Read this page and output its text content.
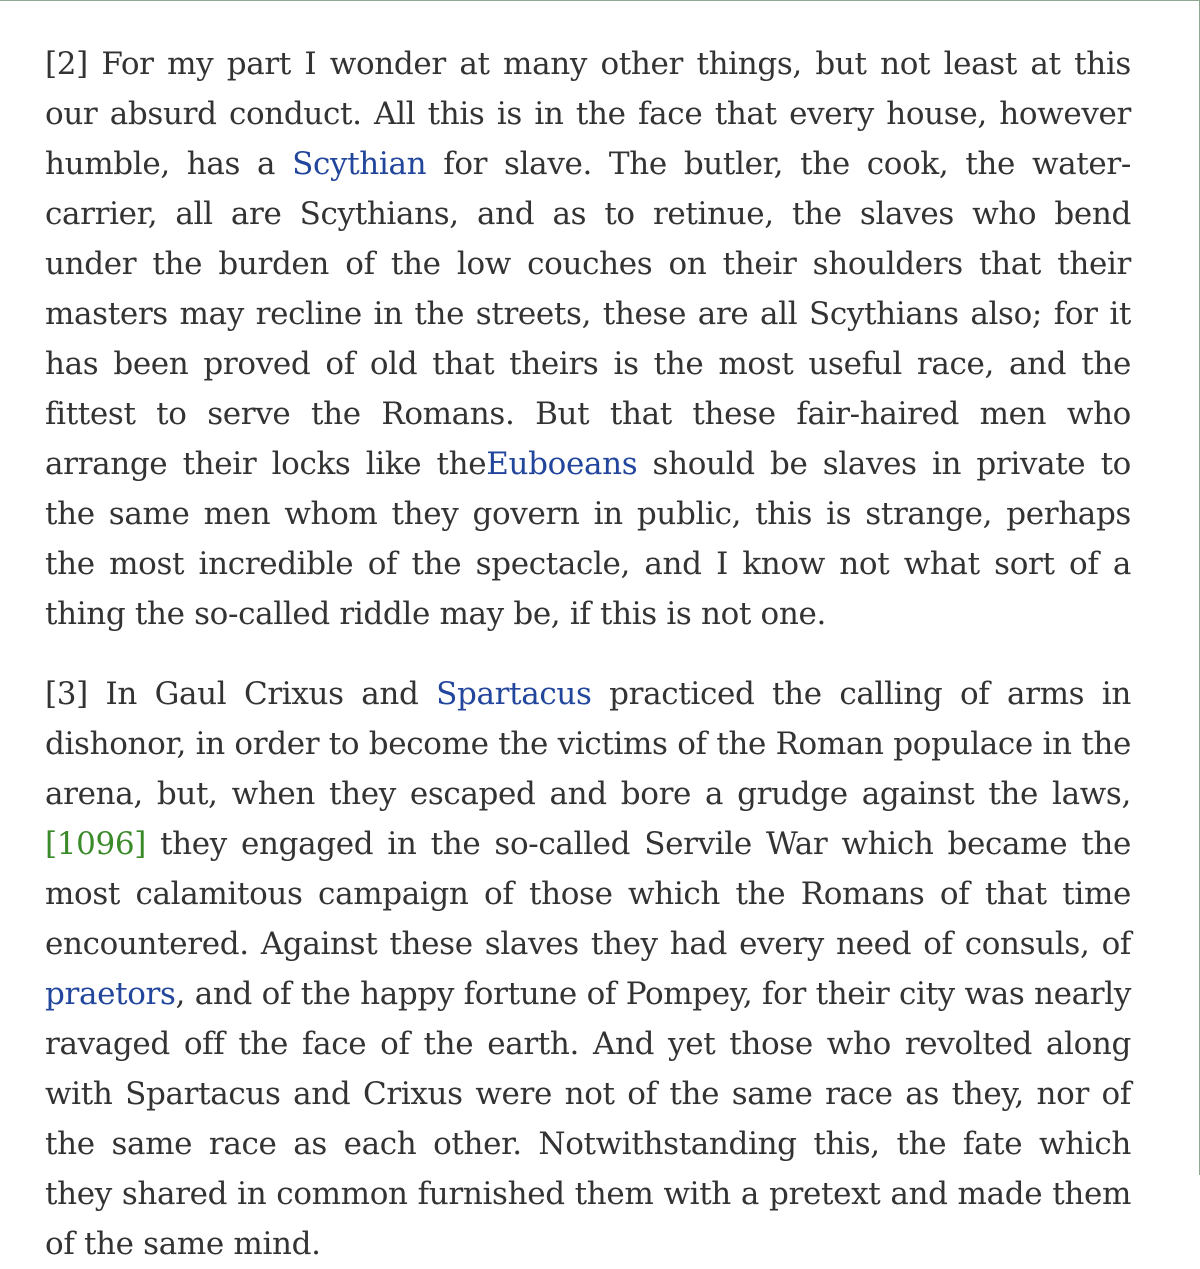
[2] For my part I wonder at many other things, but not least at this our absurd conduct. All this is in the face that every house, however humble, has a Scythian for slave. The butler, the cook, the water-carrier, all are Scythians, and as to retinue, the slaves who bend under the burden of the low couches on their shoulders that their masters may recline in the streets, these are all Scythians also; for it has been proved of old that theirs is the most useful race, and the fittest to serve the Romans. But that these fair-haired men who arrange their locks like theEuboeans should be slaves in private to the same men whom they govern in public, this is strange, perhaps the most incredible of the spectacle, and I know not what sort of a thing the so-called riddle may be, if this is not one.

[3] In Gaul Crixus and Spartacus practiced the calling of arms in dishonor, in order to become the victims of the Roman populace in the arena, but, when they escaped and bore a grudge against the laws, [1096] they engaged in the so-called Servile War which became the most calamitous campaign of those which the Romans of that time encountered. Against these slaves they had every need of consuls, of praetors, and of the happy fortune of Pompey, for their city was nearly ravaged off the face of the earth. And yet those who revolted along with Spartacus and Crixus were not of the same race as they, nor of the same race as each other. Notwithstanding this, the fate which they shared in common furnished them with a pretext and made them of the same mind.
